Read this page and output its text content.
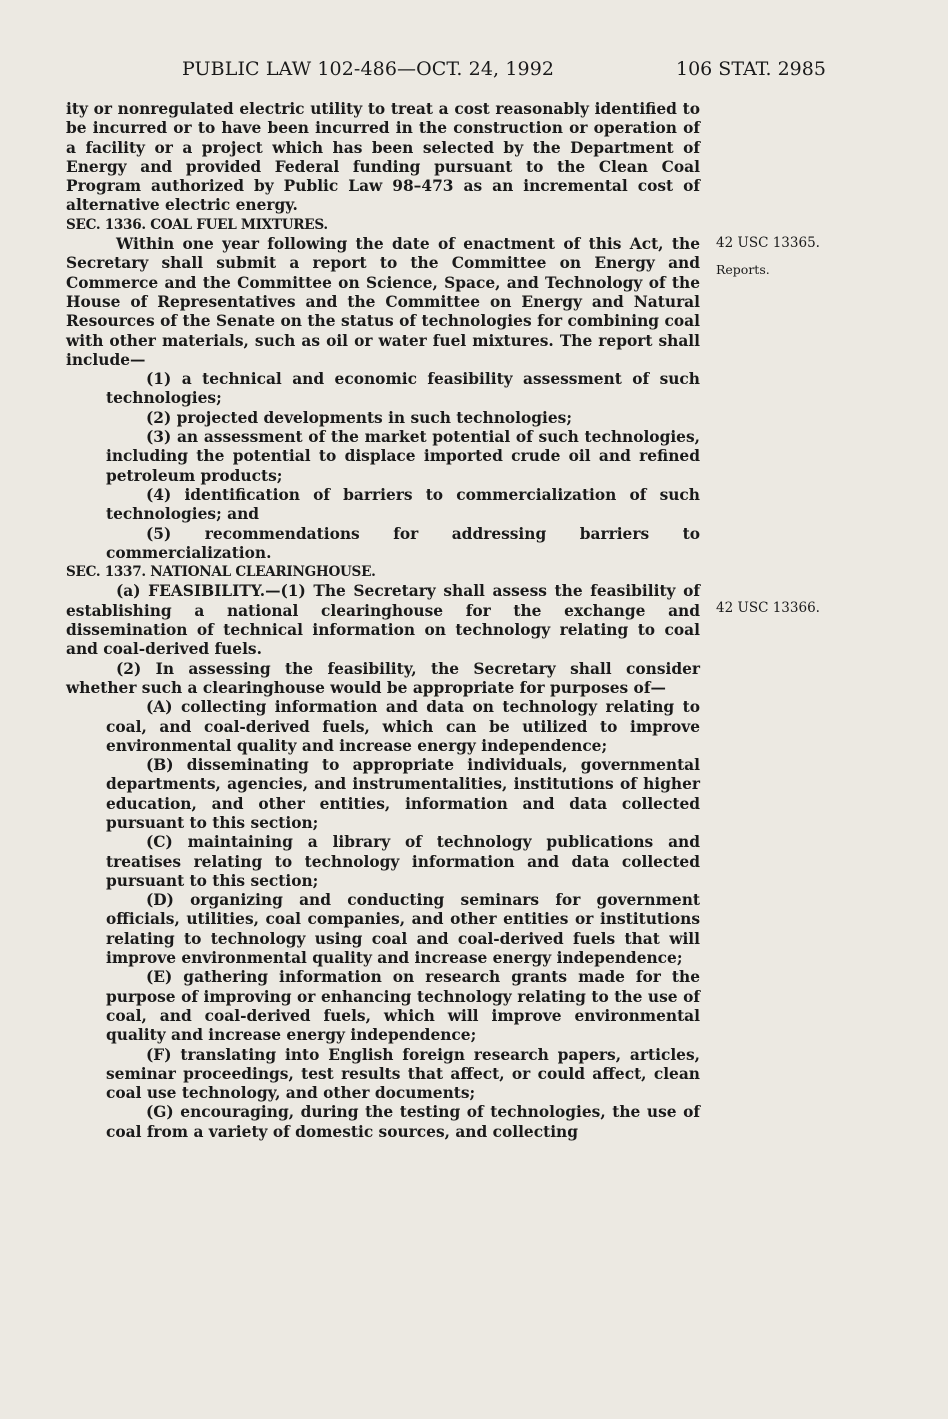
PUBLIC LAW 102-486—OCT. 24, 1992	106 STAT. 2985

ity or nonregulated electric utility to treat a cost reasonably identified to be incurred or to have been incurred in the construction or operation of a facility or a project which has been selected by the Department of Energy and provided Federal funding pursuant to the Clean Coal Program authorized by Public Law 98–473 as an incremental cost of alternative electric energy.

SEC. 1336. COAL FUEL MIXTURES.

Within one year following the date of enactment of this Act, the Secretary shall submit a report to the Committee on Energy and Commerce and the Committee on Science, Space, and Technology of the House of Representatives and the Committee on Energy and Natural Resources of the Senate on the status of technologies for combining coal with other materials, such as oil or water fuel mixtures. The report shall include—

(1) a technical and economic feasibility assessment of such technologies;

(2) projected developments in such technologies;

(3) an assessment of the market potential of such technologies, including the potential to displace imported crude oil and refined petroleum products;

(4) identification of barriers to commercialization of such technologies; and

(5) recommendations for addressing barriers to commercialization.

SEC. 1337. NATIONAL CLEARINGHOUSE.

(a) FEASIBILITY.—(1) The Secretary shall assess the feasibility of establishing a national clearinghouse for the exchange and dissemination of technical information on technology relating to coal and coal-derived fuels.

(2) In assessing the feasibility, the Secretary shall consider whether such a clearinghouse would be appropriate for purposes of—

(A) collecting information and data on technology relating to coal, and coal-derived fuels, which can be utilized to improve environmental quality and increase energy independence;

(B) disseminating to appropriate individuals, governmental departments, agencies, and instrumentalities, institutions of higher education, and other entities, information and data collected pursuant to this section;

(C) maintaining a library of technology publications and treatises relating to technology information and data collected pursuant to this section;

(D) organizing and conducting seminars for government officials, utilities, coal companies, and other entities or institutions relating to technology using coal and coal-derived fuels that will improve environmental quality and increase energy independence;

(E) gathering information on research grants made for the purpose of improving or enhancing technology relating to the use of coal, and coal-derived fuels, which will improve environmental quality and increase energy independence;

(F) translating into English foreign research papers, articles, seminar proceedings, test results that affect, or could affect, clean coal use technology, and other documents;

(G) encouraging, during the testing of technologies, the use of coal from a variety of domestic sources, and collecting

42 USC 13365.
Reports.
42 USC 13366.
